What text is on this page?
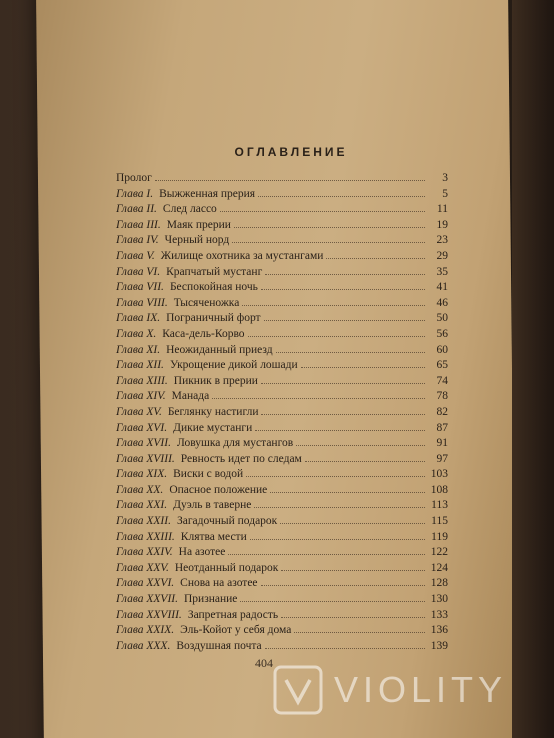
ОГЛАВЛЕНИЕ
Пролог	3
Глава I. Выжженная прерия	5
Глава II. След лассо	11
Глава III. Маяк прерии	19
Глава IV. Черный норд	23
Глава V. Жилище охотника за мустангами	29
Глава VI. Крапчатый мустанг	35
Глава VII. Беспокойная ночь	41
Глава VIII. Тысяченожка	46
Глава IX. Пограничный форт	50
Глава X. Каса-дель-Корво	56
Глава XI. Неожиданный приезд	60
Глава XII. Укрощение дикой лошади	65
Глава XIII. Пикник в прерии	74
Глава XIV. Манада	78
Глава XV. Беглянку настигли	82
Глава XVI. Дикие мустанги	87
Глава XVII. Ловушка для мустангов	91
Глава XVIII. Ревность идет по следам	97
Глава XIX. Виски с водой	103
Глава XX. Опасное положение	108
Глава XXI. Дуэль в таверне	113
Глава XXII. Загадочный подарок	115
Глава XXIII. Клятва мести	119
Глава XXIV. На азотее	122
Глава XXV. Неотданный подарок	124
Глава XXVI. Снова на азотее	128
Глава XXVII. Признание	130
Глава XXVIII. Запретная радость	133
Глава XXIX. Эль-Койот у себя дома	136
Глава XXX. Воздушная почта	139
404
VIOLITY
